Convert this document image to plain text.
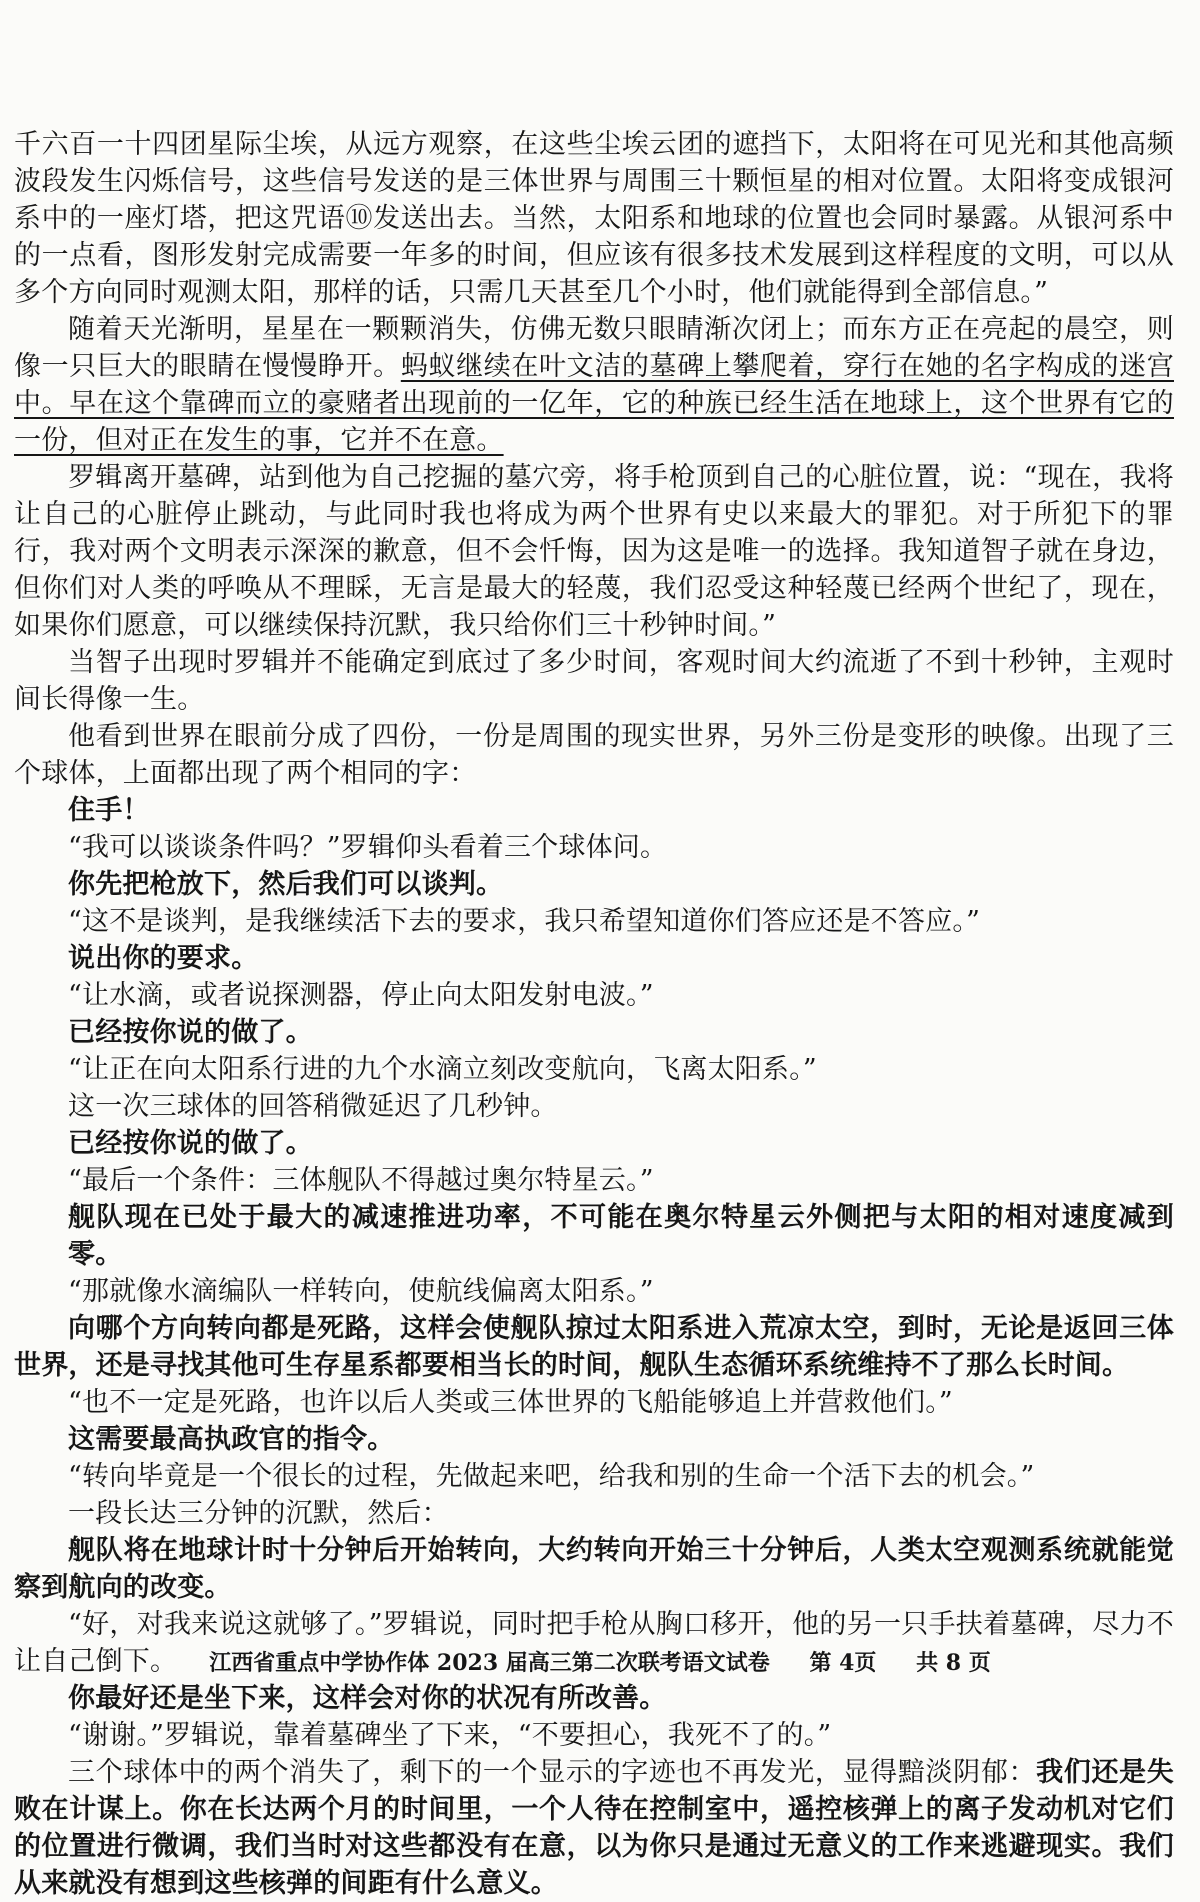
千六百一十四团星际尘埃，从远方观察，在这些尘埃云团的遮挡下，太阳将在可见光和其他高频波段发生闪烁信号，这些信号发送的是三体世界与周围三十颗恒星的相对位置。太阳将变成银河系中的一座灯塔，把这咒语⑩发送出去。当然，太阳系和地球的位置也会同时暴露。从银河系中的一点看，图形发射完成需要一年多的时间，但应该有很多技术发展到这样程度的文明，可以从多个方向同时观测太阳，那样的话，只需几天甚至几个小时，他们就能得到全部信息。”

随着天光渐明，星星在一颗颗消失，仿佛无数只眼睛渐次闭上；而东方正在亮起的晨空，则像一只巨大的眼睛在慢慢睁开。蚂蚁继续在叶文洁的墓碑上攀爬着，穿行在她的名字构成的迷宫中。早在这个靠碑而立的豪赌者出现前的一亿年，它的种族已经生活在地球上，这个世界有它的一份，但对正在发生的事，它并不在意。

罗辑离开墓碑，站到他为自己挖掘的墓穴旁，将手枪顶到自己的心脏位置，说：“现在，我将让自己的心脏停止跳动，与此同时我也将成为两个世界有史以来最大的罪犯。对于所犯下的罪行，我对两个文明表示深深的歉意，但不会忏悔，因为这是唯一的选择。我知道智子就在身边，但你们对人类的呼唤从不理睬，无言是最大的轻蔑，我们忍受这种轻蔑已经两个世纪了，现在，如果你们愿意，可以继续保持沉默，我只给你们三十秒钟时间。”

当智子出现时罗辑并不能确定到底过了多少时间，客观时间大约流逝了不到十秒钟，主观时间长得像一生。

他看到世界在眼前分成了四份，一份是周围的现实世界，另外三份是变形的映像。出现了三个球体，上面都出现了两个相同的字：

住手！

“我可以谈谈条件吗？”罗辑仰头看着三个球体问。

你先把枪放下，然后我们可以谈判。

“这不是谈判，是我继续活下去的要求，我只希望知道你们答应还是不答应。”

说出你的要求。

“让水滴，或者说探测器，停止向太阳发射电波。”

已经按你说的做了。

“让正在向太阳系行进的九个水滴立刻改变航向，飞离太阳系。”

这一次三球体的回答稍微延迟了几秒钟。

已经按你说的做了。

“最后一个条件：三体舰队不得越过奥尔特星云。”

舰队现在已处于最大的减速推进功率，不可能在奥尔特星云外侧把与太阳的相对速度减到零。

“那就像水滴编队一样转向，使航线偏离太阳系。”

向哪个方向转向都是死路，这样会使舰队掠过太阳系进入荒凉太空，到时，无论是返回三体世界，还是寻找其他可生存星系都要相当长的时间，舰队生态循环系统维持不了那么长时间。

“也不一定是死路，也许以后人类或三体世界的飞船能够追上并营救他们。”

这需要最高执政官的指令。

“转向毕竟是一个很长的过程，先做起来吧，给我和别的生命一个活下去的机会。”

一段长达三分钟的沉默，然后：

舰队将在地球计时十分钟后开始转向，大约转向开始三十分钟后，人类太空观测系统就能觉察到航向的改变。

“好，对我来说这就够了。”罗辑说，同时把手枪从胸口移开，他的另一只手扶着墓碑，尽力不让自己倒下。

你最好还是坐下来，这样会对你的状况有所改善。

“谢谢。”罗辑说，靠着墓碑坐了下来，“不要担心，我死不了的。”

三个球体中的两个消失了，剩下的一个显示的字迹也不再发光，显得黯淡阴郁：我们还是失败在计谋上。你在长达两个月的时间里，一个人待在控制室中，遥控核弹上的离子发动机对它们的位置进行微调，我们当时对这些都没有在意，以为你只是通过无意义的工作来逃避现实。我们从来就没有想到这些核弹的间距有什么意义。

江西省重点中学协作体 2023 届高三第二次联考语文试卷 第 4页 共 8 页
